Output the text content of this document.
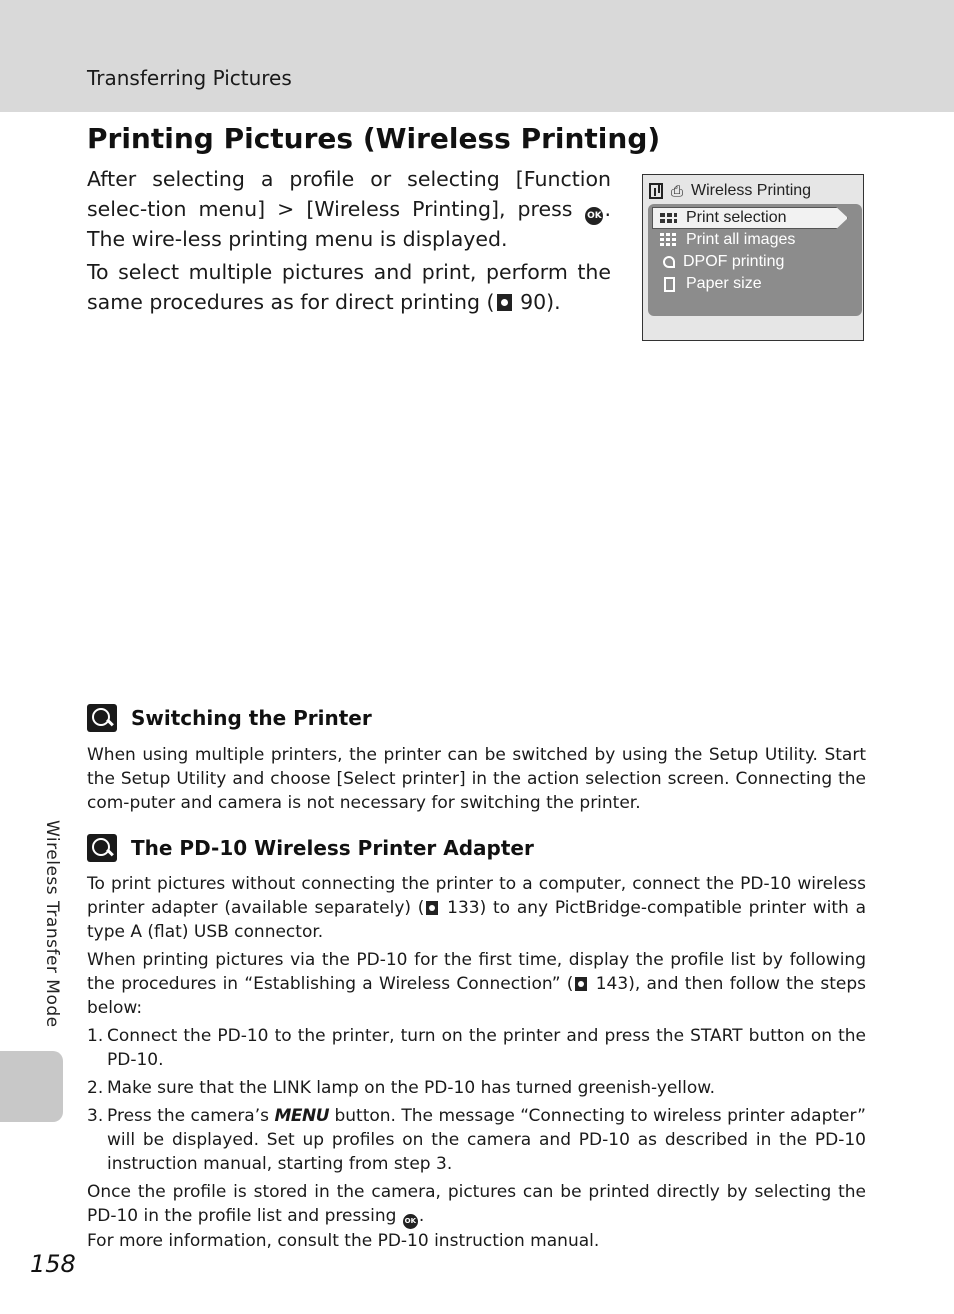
Transferring Pictures
Printing Pictures (Wireless Printing)

After selecting a profile or selecting [Function selec-tion menu] > [Wireless Printing], press OK . The wire-less printing menu is displayed.

To select multiple pictures and print, perform the same procedures as for direct printing ( 90).

⎙ Wireless Printing
Print selection
Print all images
DPOF printing
Paper size
Switching the Printer

When using multiple printers, the printer can be switched by using the Setup Utility. Start the Setup Utility and choose [Select printer] in the action selection screen. Connecting the com-puter and camera is not necessary for switching the printer.

The PD-10 Wireless Printer Adapter

To print pictures without connecting the printer to a computer, connect the PD-10 wireless printer adapter (available separately) ( 133) to any PictBridge-compatible printer with a type A (flat) USB connector.

When printing pictures via the PD-10 for the first time, display the profile list by following the procedures in “Establishing a Wireless Connection” ( 143), and then follow the steps below:

1. Connect the PD-10 to the printer, turn on the printer and press the START button on the PD-10.
2. Make sure that the LINK lamp on the PD-10 has turned greenish-yellow.
3. Press the camera’s MENU button. The message “Connecting to wireless printer adapter” will be displayed. Set up profiles on the camera and PD-10 as described in the PD-10 instruction manual, starting from step 3.

Once the profile is stored in the camera, pictures can be printed directly by selecting the PD-10 in the profile list and pressing OK .

For more information, consult the PD-10 instruction manual.

Wireless Transfer Mode
158
